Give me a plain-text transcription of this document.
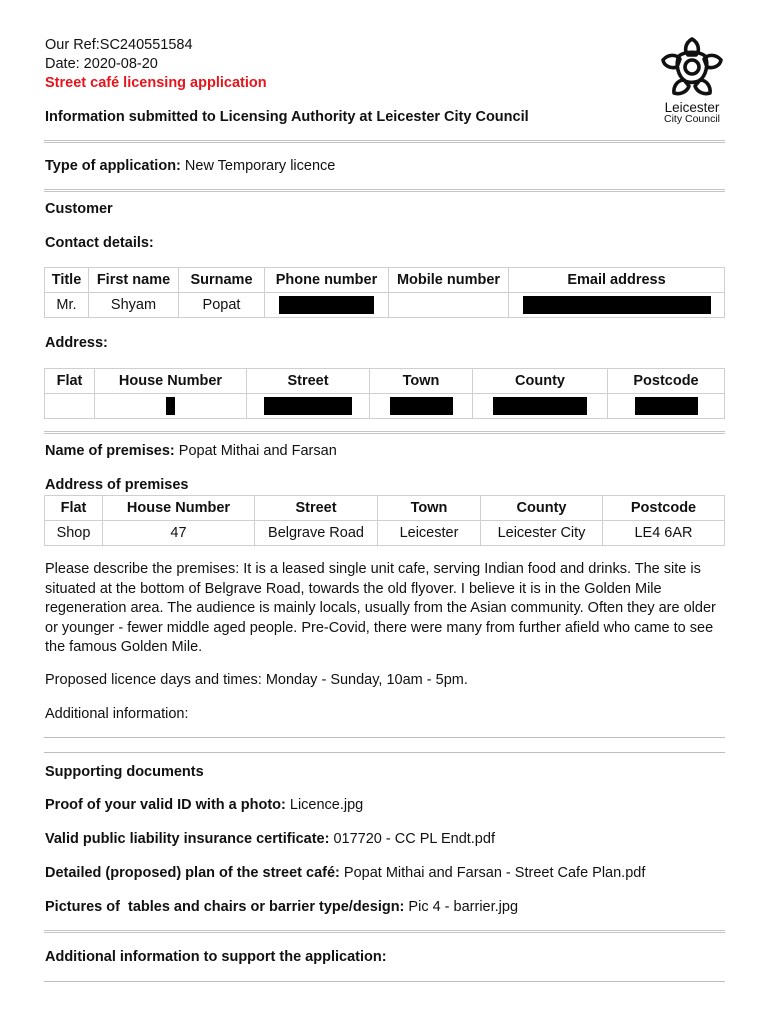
Our Ref:SC240551584
Date: 2020-08-20
Street café licensing application
Information submitted to Licensing Authority at Leicester City Council
Leicester
City Council
Type of application: New Temporary licence
Customer
Contact details:
Title	First name	Surname	Phone number	Mobile number	Email address
Mr.	Shyam	Popat			
Address:
Flat	House Number	Street	Town	County	Postcode

Name of premises: Popat Mithai and Farsan
Address of premises
Flat	House Number	Street	Town	County	Postcode
Shop	47	Belgrave Road	Leicester	Leicester City	LE4 6AR
Please describe the premises: It is a leased single unit cafe, serving Indian food and drinks. The site is situated at the bottom of Belgrave Road, towards the old flyover. I believe it is in the Golden Mile regeneration area. The audience is mainly locals, usually from the Asian community. Often they are older or younger - fewer middle aged people. Pre-Covid, there were many from further afield who came to see the famous Golden Mile.
Proposed licence days and times: Monday - Sunday, 10am - 5pm.
Additional information:
Supporting documents
Proof of your valid ID with a photo: Licence.jpg
Valid public liability insurance certificate: 017720 - CC PL Endt.pdf
Detailed (proposed) plan of the street café: Popat Mithai and Farsan - Street Cafe Plan.pdf
Pictures of  tables and chairs or barrier type/design: Pic 4 - barrier.jpg
Additional information to support the application:
